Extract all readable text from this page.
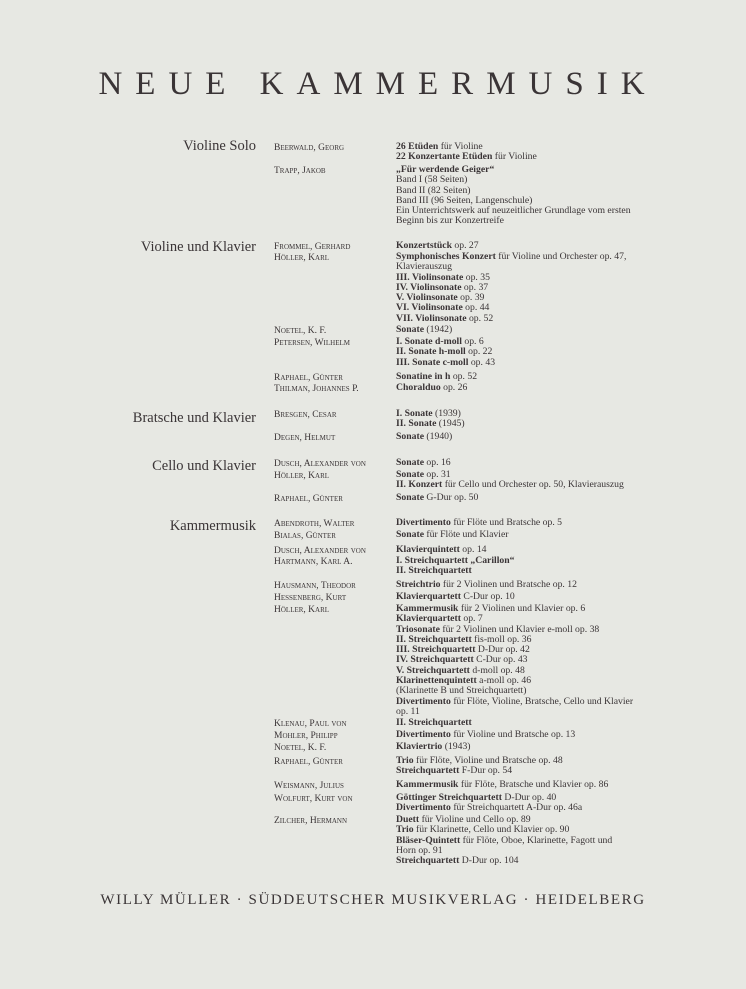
NEUE KAMMERMUSIK
Violine Solo Beerwald, Georg	26 Etüden für Violine
22 Konzertante Etüden für Violine
Trapp, Jakob	„Für werdende Geiger“
Band I (58 Seiten)
Band II (82 Seiten)
Band III (96 Seiten, Langenschule)
Ein Unterrichtswerk auf neuzeitlicher Grundlage vom ersten
Beginn bis zur Konzertreife
Violine und Klavier Frommel, Gerhard	Konzertstück op. 27
Höller, Karl	Symphonisches Konzert für Violine und Orchester op. 47,
Klavierauszug
III. Violinsonate op. 35
IV. Violinsonate op. 37
V. Violinsonate op. 39
VI. Violinsonate op. 44
VII. Violinsonate op. 52
Noetel, K. F.	Sonate (1942)
Petersen, Wilhelm	I. Sonate d-moll op. 6
II. Sonate h-moll op. 22
III. Sonate c-moll op. 43
Raphael, Günter	Sonatine in h op. 52
Thilman, Johannes P.	Choralduo op. 26
Bratsche und Klavier Bresgen, Cesar	I. Sonate (1939)
II. Sonate (1945)
Degen, Helmut	Sonate (1940)
Cello und Klavier Dusch, Alexander von	Sonate op. 16
Höller, Karl	Sonate op. 31
II. Konzert für Cello und Orchester op. 50, Klavierauszug
Raphael, Günter	Sonate G-Dur op. 50
Kammermusik Abendroth, Walter	Divertimento für Flöte und Bratsche op. 5
Bialas, Günter	Sonate für Flöte und Klavier
Dusch, Alexander von	Klavierquintett op. 14
Hartmann, Karl A.	I. Streichquartett „Carillon“
II. Streichquartett
Hausmann, Theodor	Streichtrio für 2 Violinen und Bratsche op. 12
Hessenberg, Kurt	Klavierquartett C-Dur op. 10
Höller, Karl	Kammermusik für 2 Violinen und Klavier op. 6
Klavierquartett op. 7
Triosonate für 2 Violinen und Klavier e-moll op. 38
II. Streichquartett fis-moll op. 36
III. Streichquartett D-Dur op. 42
IV. Streichquartett C-Dur op. 43
V. Streichquartett d-moll op. 48
Klarinettenquintett a-moll op. 46
(Klarinette B und Streichquartett)
Divertimento für Flöte, Violine, Bratsche, Cello und Klavier
op. 11
Klenau, Paul von	II. Streichquartett
Mohler, Philipp	Divertimento für Violine und Bratsche op. 13
Noetel, K. F.	Klaviertrio (1943)
Raphael, Günter	Trio für Flöte, Violine und Bratsche op. 48
Streichquartett F-Dur op. 54
Weismann, Julius	Kammermusik für Flöte, Bratsche und Klavier op. 86
Wolfurt, Kurt von	Göttinger Streichquartett D-Dur op. 40
Divertimento für Streichquartett A-Dur op. 46a
Zilcher, Hermann	Duett für Violine und Cello op. 89
Trio für Klarinette, Cello und Klavier op. 90
Bläser-Quintett für Flöte, Oboe, Klarinette, Fagott und
Horn op. 91
Streichquartett D-Dur op. 104
WILLY MÜLLER · SÜDDEUTSCHER MUSIKVERLAG · HEIDELBERG
